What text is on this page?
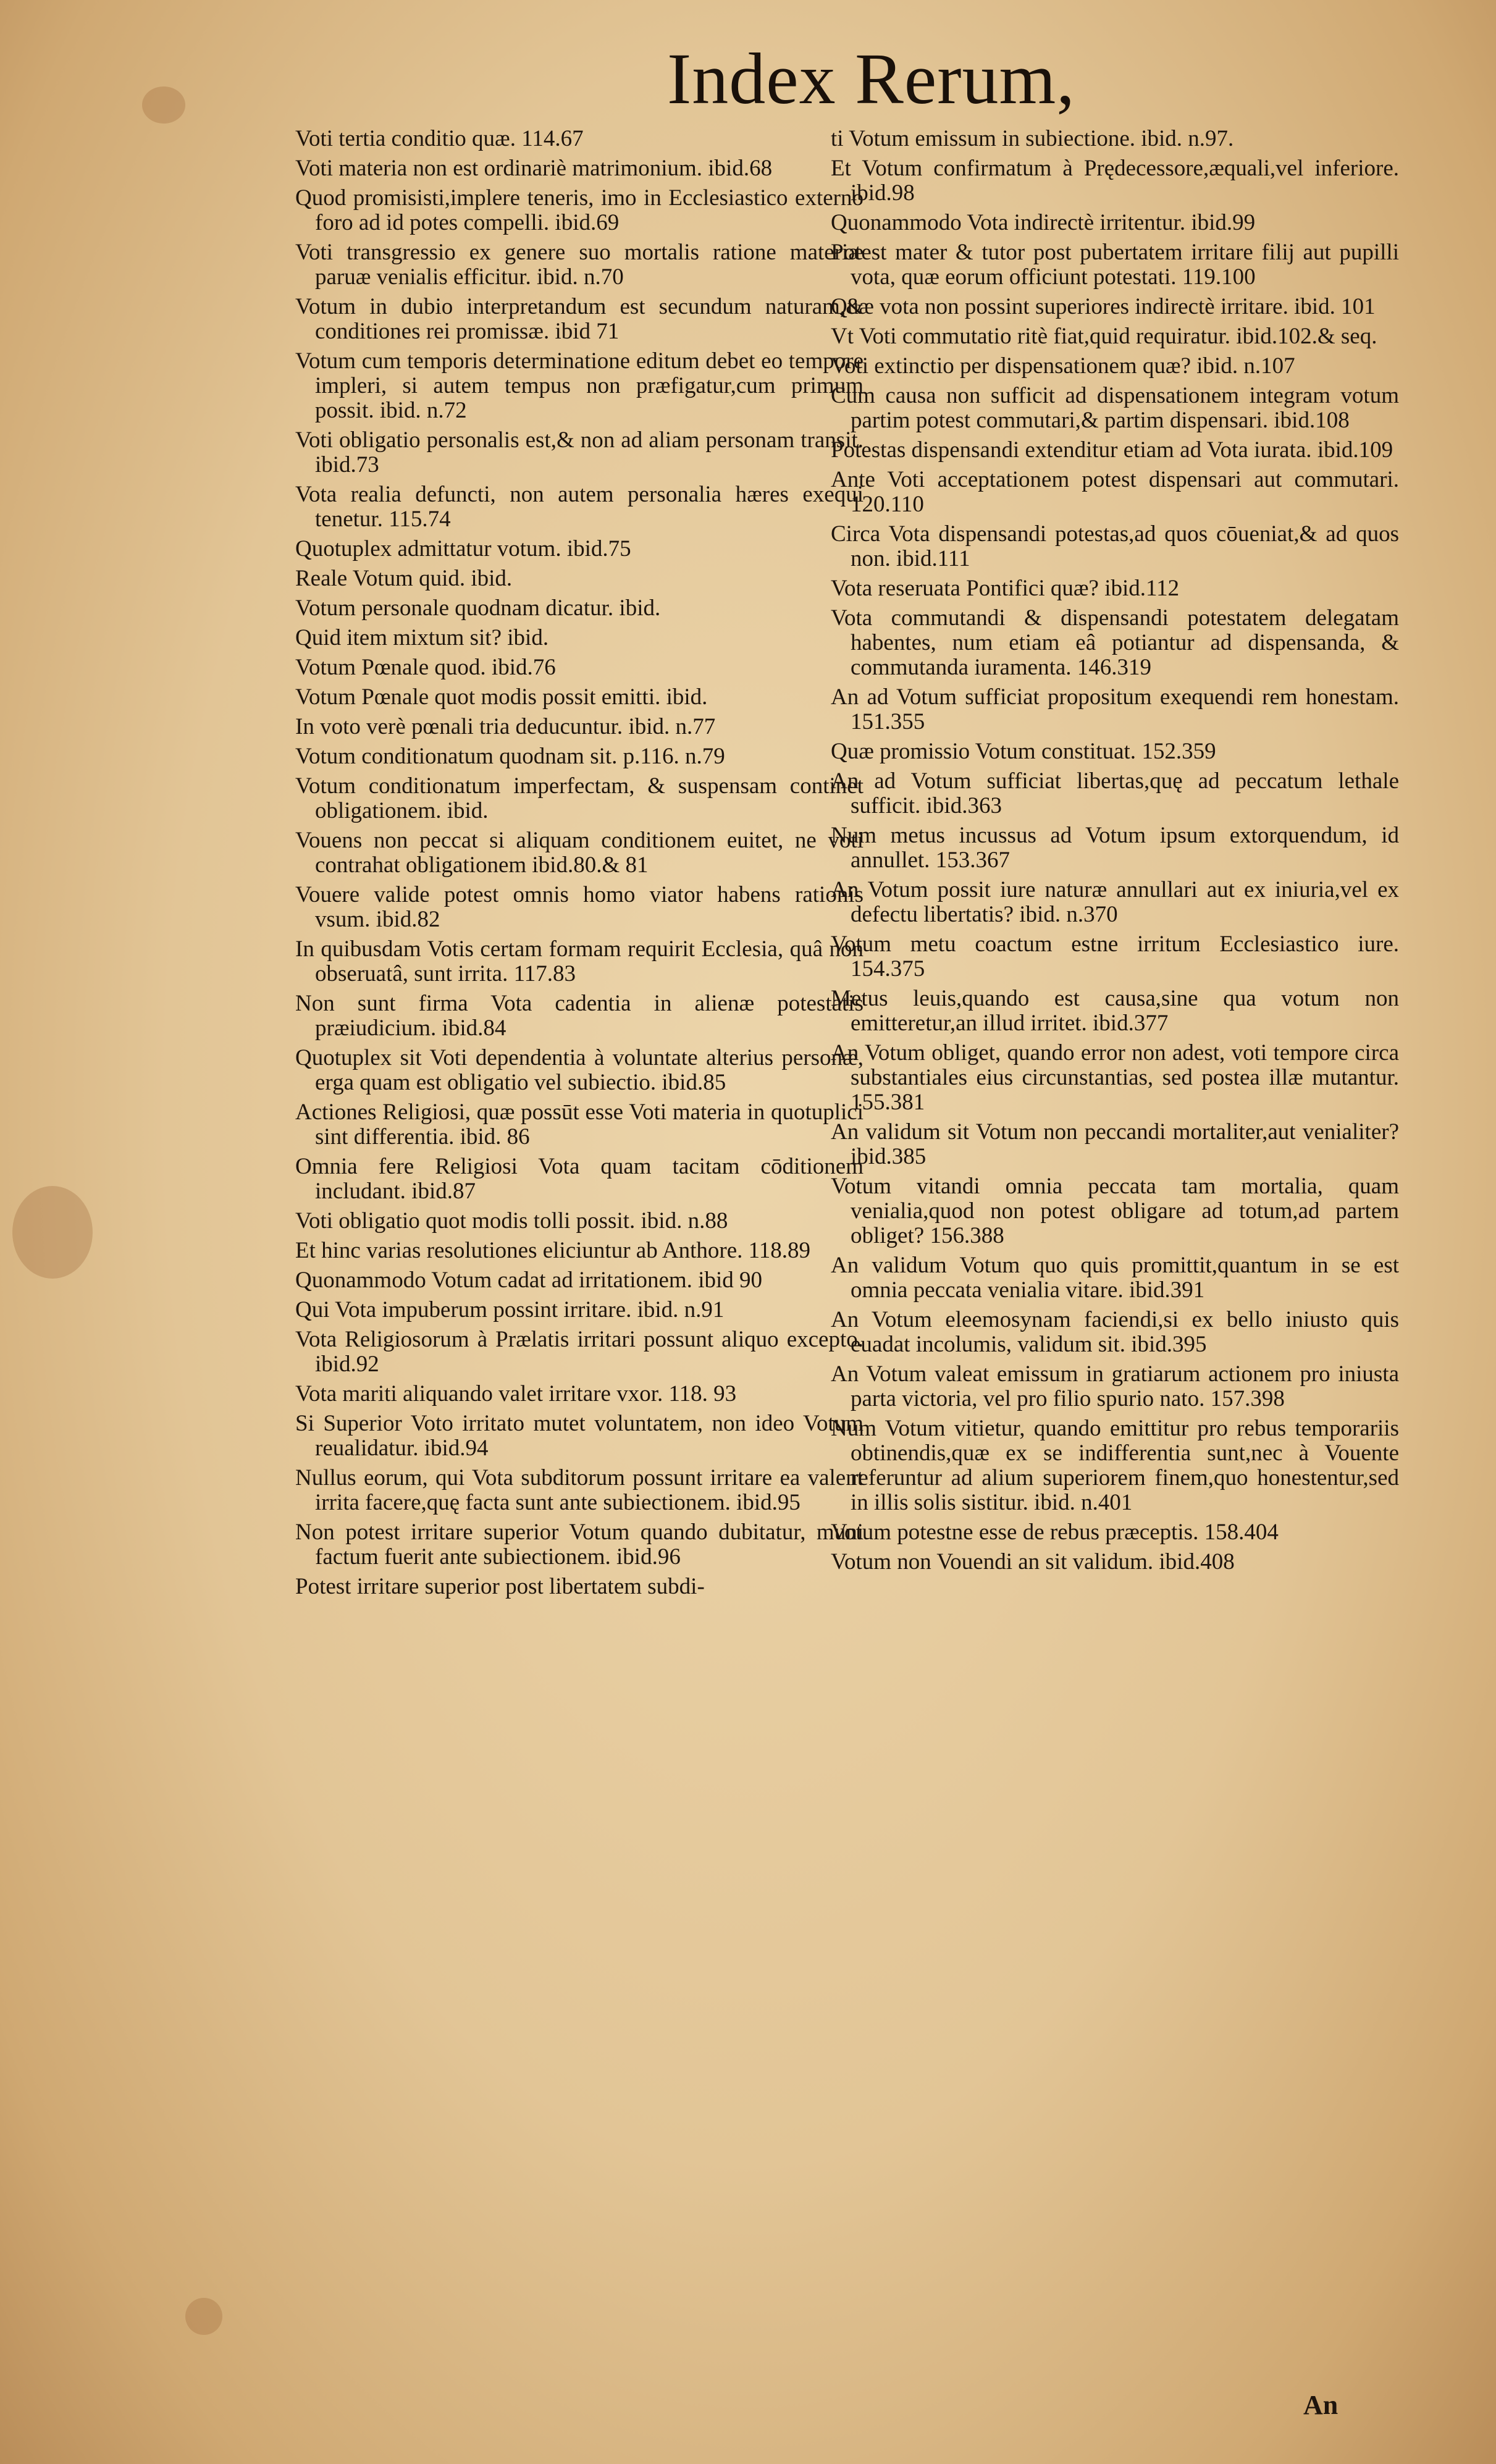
Index Rerum,
Voti tertia conditio quæ. 114.67
Voti materia non est ordinariè matrimonium. ibid.68
Quod promisisti,implere teneris, imo in Ecclesiastico externo foro ad id potes compelli. ibid.69
Voti transgressio ex genere suo mortalis ratione materiæ paruæ venialis efficitur. ibid. n.70
Votum in dubio interpretandum est secundum naturam,& conditiones rei promissæ. ibid 71
Votum cum temporis determinatione editum debet eo tempore impleri, si autem tempus non præfigatur,cum primum possit. ibid. n.72
Voti obligatio personalis est,& non ad aliam personam transit. ibid.73
Vota realia defuncti, non autem personalia hæres exequi tenetur. 115.74
Quotuplex admittatur votum. ibid.75
Reale Votum quid. ibid.
Votum personale quodnam dicatur. ibid.
Quid item mixtum sit? ibid.
Votum Pœnale quod. ibid.76
Votum Pœnale quot modis possit emitti. ibid.
In voto verè pœnali tria deducuntur. ibid. n.77
Votum conditionatum quodnam sit. p.116. n.79
Votum conditionatum imperfectam, & suspensam continet obligationem. ibid.
Vouens non peccat si aliquam conditionem euitet, ne voti contrahat obligationem ibid.80.& 81
Vouere valide potest omnis homo viator habens rationis vsum. ibid.82
In quibusdam Votis certam formam requirit Ecclesia, quâ non obseruatâ, sunt irrita. 117.83
Non sunt firma Vota cadentia in alienæ potestatis præiudicium. ibid.84
Quotuplex sit Voti dependentia à voluntate alterius personæ, erga quam est obligatio vel subiectio. ibid.85
Actiones Religiosi, quæ possūt esse Voti materia in quotuplici sint differentia. ibid. 86
Omnia fere Religiosi Vota quam tacitam cōditionem includant. ibid.87
Voti obligatio quot modis tolli possit. ibid. n.88
Et hinc varias resolutiones eliciuntur ab Anthore. 118.89
Quonammodo Votum cadat ad irritationem. ibid 90
Qui Vota impuberum possint irritare. ibid. n.91
Vota Religiosorum à Prælatis irritari possunt aliquo excepto. ibid.92
Vota mariti aliquando valet irritare vxor. 118. 93
Si Superior Voto irritato mutet voluntatem, non ideo Votum reualidatur. ibid.94
Nullus eorum, qui Vota subditorum possunt irritare ea valent irrita facere,quę facta sunt ante subiectionem. ibid.95
Non potest irritare superior Votum quando dubitatur, muni factum fuerit ante subiectionem. ibid.96
Potest irritare superior post libertatem subdi-
ti Votum emissum in subiectione. ibid. n.97.
Et Votum confirmatum à Prędecessore,æquali,vel inferiore. ibid.98
Quonammodo Vota indirectè irritentur. ibid.99
Potest mater & tutor post pubertatem irritare filij aut pupilli vota, quæ eorum officiunt potestati. 119.100
Quæ vota non possint superiores indirectè irritare. ibid. 101
Vt Voti commutatio ritè fiat,quid requiratur. ibid.102.& seq.
Voti extinctio per dispensationem quæ? ibid. n.107
Cum causa non sufficit ad dispensationem integram votum partim potest commutari,& partim dispensari. ibid.108
Potestas dispensandi extenditur etiam ad Vota iurata. ibid.109
Ante Voti acceptationem potest dispensari aut commutari. 120.110
Circa Vota dispensandi potestas,ad quos cōueniat,& ad quos non. ibid.111
Vota reseruata Pontifici quæ? ibid.112
Vota commutandi & dispensandi potestatem delegatam habentes, num etiam eâ potiantur ad dispensanda, & commutanda iuramenta. 146.319
An ad Votum sufficiat propositum exequendi rem honestam. 151.355
Quæ promissio Votum constituat. 152.359
An ad Votum sufficiat libertas,quę ad peccatum lethale sufficit. ibid.363
Num metus incussus ad Votum ipsum extorquendum, id annullet. 153.367
An Votum possit iure naturæ annullari aut ex iniuria,vel ex defectu libertatis? ibid. n.370
Votum metu coactum estne irritum Ecclesiastico iure. 154.375
Metus leuis,quando est causa,sine qua votum non emitteretur,an illud irritet. ibid.377
An Votum obliget, quando error non adest, voti tempore circa substantiales eius circunstantias, sed postea illæ mutantur. 155.381
An validum sit Votum non peccandi mortaliter,aut venialiter? ibid.385
Votum vitandi omnia peccata tam mortalia, quam venialia,quod non potest obligare ad totum,ad partem obliget? 156.388
An validum Votum quo quis promittit,quantum in se est omnia peccata venialia vitare. ibid.391
An Votum eleemosynam faciendi,si ex bello iniusto quis euadat incolumis, validum sit. ibid.395
An Votum valeat emissum in gratiarum actionem pro iniusta parta victoria, vel pro filio spurio nato. 157.398
Num Votum vitietur, quando emittitur pro rebus temporariis obtinendis,quæ ex se indifferentia sunt,nec à Vouente referuntur ad alium superiorem finem,quo honestentur,sed in illis solis sistitur. ibid. n.401
Votum potestne esse de rebus præceptis. 158.404
Votum non Vouendi an sit validum. ibid.408
An
